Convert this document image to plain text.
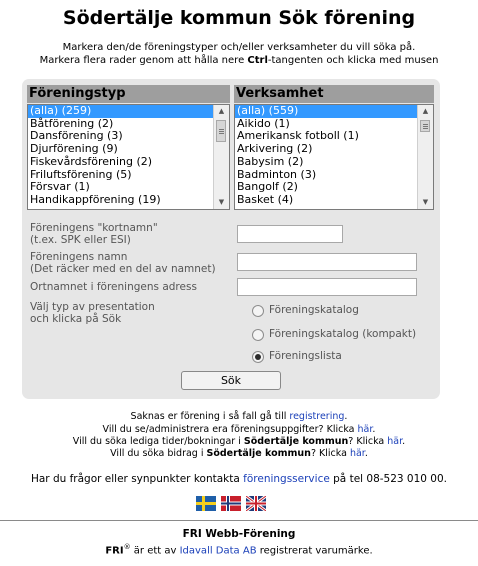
Södertälje kommun Sök förening
Markera den/de föreningstyper och/eller verksamheter du vill söka på.
Markera flera rader genom att hålla nere Ctrl-tangenten och klicka med musen
Föreningstyp
(alla) (259)
Båtförening (2)
Dansförening (3)
Djurförening (9)
Fiskevårdsförening (2)
Friluftsförening (5)
Försvar (1)
Handikappförening (19)
▲
▼
Verksamhet
(alla) (559)
Aikido (1)
Amerikansk fotboll (1)
Arkivering (2)
Babysim (2)
Badminton (3)
Bangolf (2)
Basket (4)
▲
▼
Föreningens "kortnamn"
(t.ex. SPK eller ESI)
Föreningens namn
(Det räcker med en del av namnet)
Ortnamnet i föreningens adress
Välj typ av presentation
och klicka på Sök
Föreningskatalog
Föreningskatalog (kompakt)
Föreningslista
Sök
Saknas er förening i så fall gå till registrering.
Vill du se/administrera era föreningsuppgifter? Klicka här.
Vill du söka lediga tider/bokningar i Södertälje kommun? Klicka här.
Vill du söka bidrag i Södertälje kommun? Klicka här.
Har du frågor eller synpunkter kontakta föreningsservice på tel 08-523 010 00.
FRI Webb-Förening
FRI® är ett av Idavall Data AB registrerat varumärke.
